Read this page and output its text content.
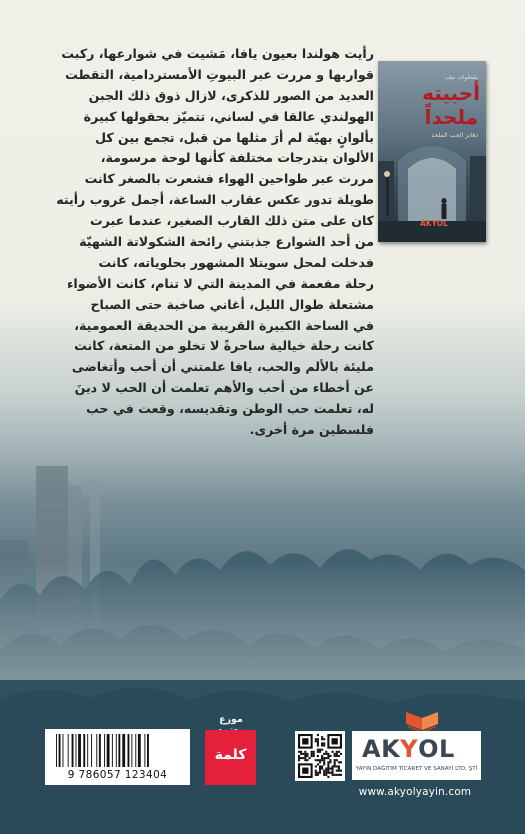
رأيت هولندا بعيون يافا، مَشيت في شوارعها، ركبت
قواربها و مررت عبر البيوتِ الأمستردامية، التقطت
العديد من الصور للذكرى، لازال ذوق ذلك الجبن
الهولندي عالقا في لساني، تتميّز بحقولها كبيرة
بألوانٍ بهيّة لم أرَ مثلها من قبل، تجمع بين كل
الألوان بتدرجات مختلفة كأنها لوحة مرسومة،
مررت عبر طواحين الهواء فشعرت بالصغر كانت
طويلة تدور عكس عقارب الساعة، أجمل غروب رأيته
كان على متن ذلك القارب الصغير، عندما عبرت
من أحد الشوارع جذبتني رائحة الشكولاتة الشهيّة
فدخلت لمحل سويتلا المشهور بحلوياته، كانت
رحلة مفعمة في المدينة التي لا تنام، كانت الأضواء
مشتعلة طوال الليل، أغاني صاخبة حتى الصباح
في الساحة الكبيرة القريبة من الحديقة العمومية،
كانت رحلة خيالية ساحرةً لا تخلو من المتعة، كانت
مليئة بالألم والحب، يافا علمتني أن أحب وأتغاضى
عن أخطاء من أحب والأهم تعلمت أن الحب لا دينَ
له، تعلمت حب الوطن وتقديسه، وقعت في حب
فلسطين مرة أخرى.
يقطوف نيف
أحبيته
ملحداً
دفاتر الحب الملحد
AKYOL
9 786057 123404
موزع
كلمة	AKYOL
YAYIN DAĞITIM TİCARET VE SANAYİ LTD. ŞTİ
www.akyolyayin.com
